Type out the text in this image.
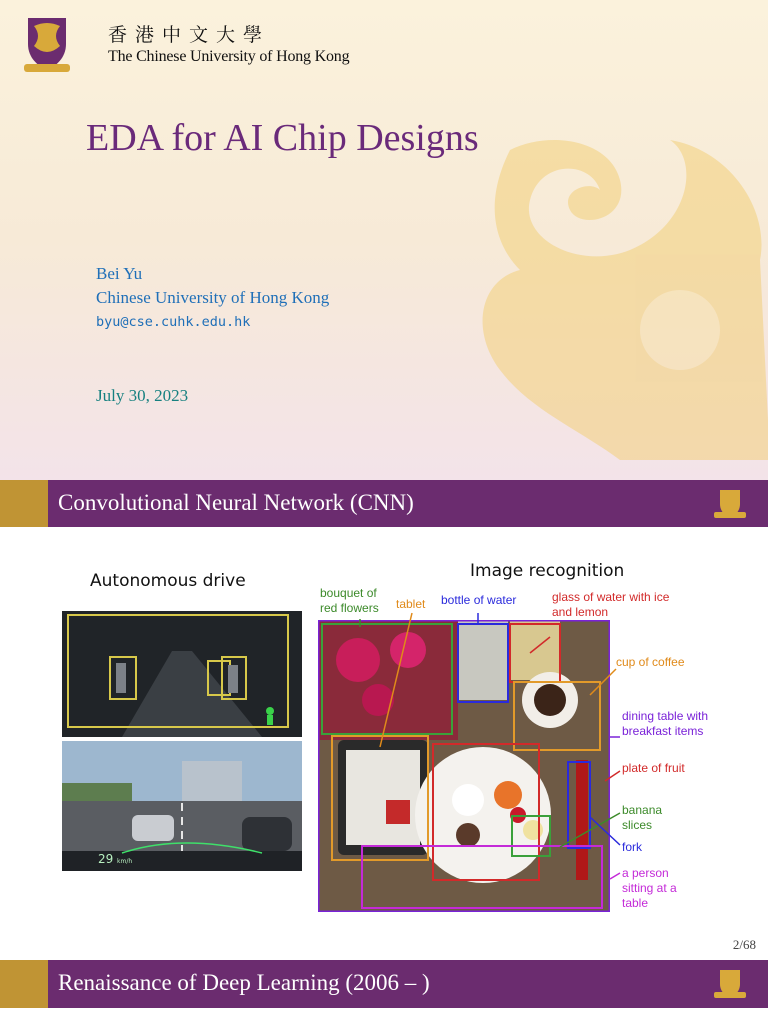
香港中文大學
The Chinese University of Hong Kong
EDA for AI Chip Designs
Bei Yu
Chinese University of Hong Kong
byu@cse.cuhk.edu.hk
July 30, 2023
Convolutional Neural Network (CNN)
Autonomous drive
29 km/h
Image recognition
bouquet of red flowers	tablet bottle of water	glass of water with ice and lemon
cup of coffee
dining table with breakfast items
plate of fruit
banana slices
fork
a person sitting at a table
2/68
Renaissance of Deep Learning (2006 – )
